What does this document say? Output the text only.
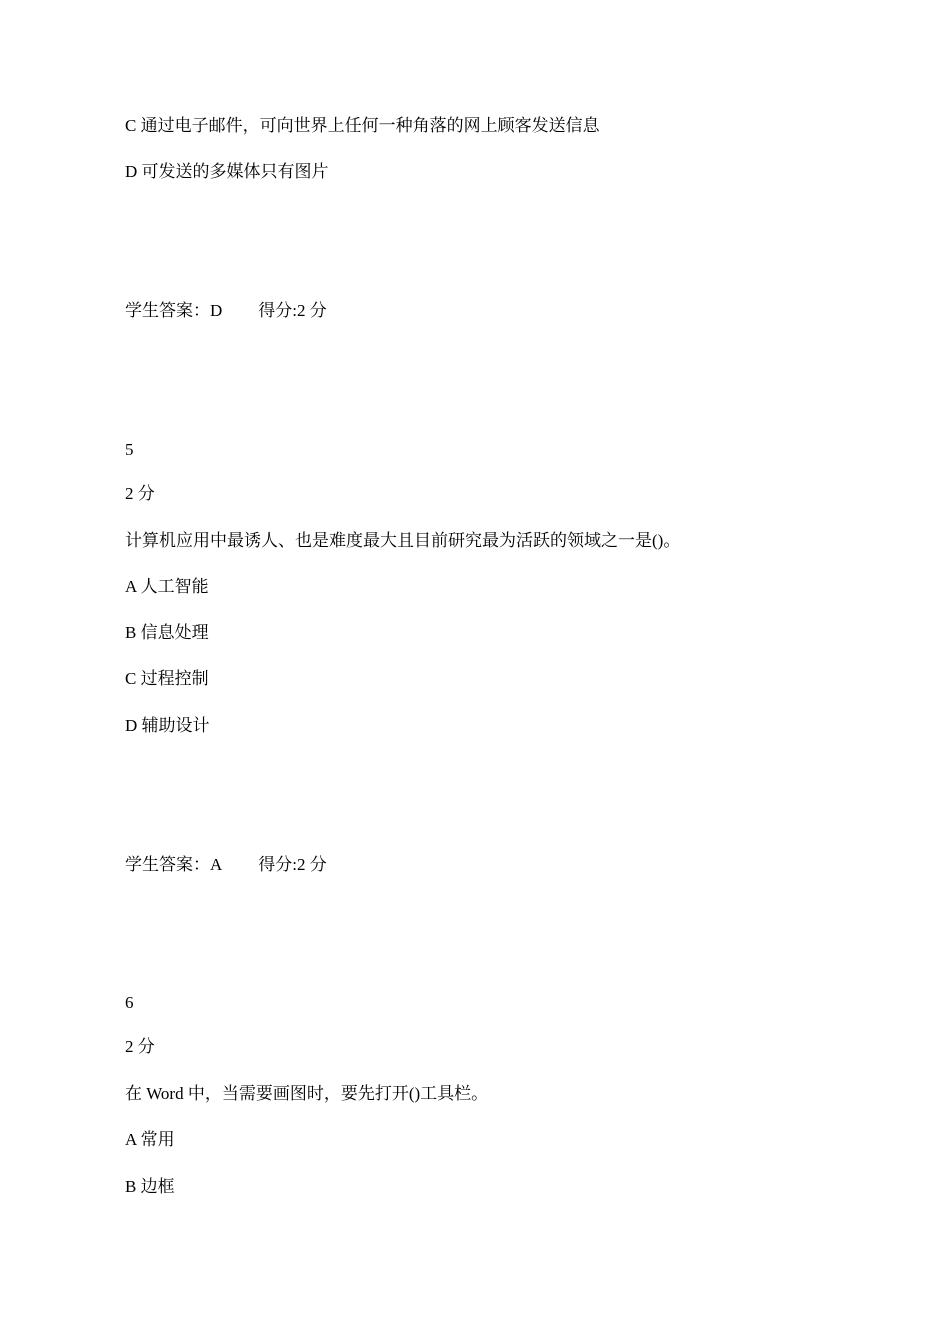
C 通过电子邮件，可向世界上任何一种角落的网上顾客发送信息
D 可发送的多媒体只有图片
学生答案：D 得分:2 分
5
2 分
计算机应用中最诱人、也是难度最大且目前研究最为活跃的领域之一是()。
A 人工智能
B 信息处理
C 过程控制
D 辅助设计
学生答案：A 得分:2 分
6
2 分
在 Word 中，当需要画图时，要先打开()工具栏。
A 常用
B 边框
